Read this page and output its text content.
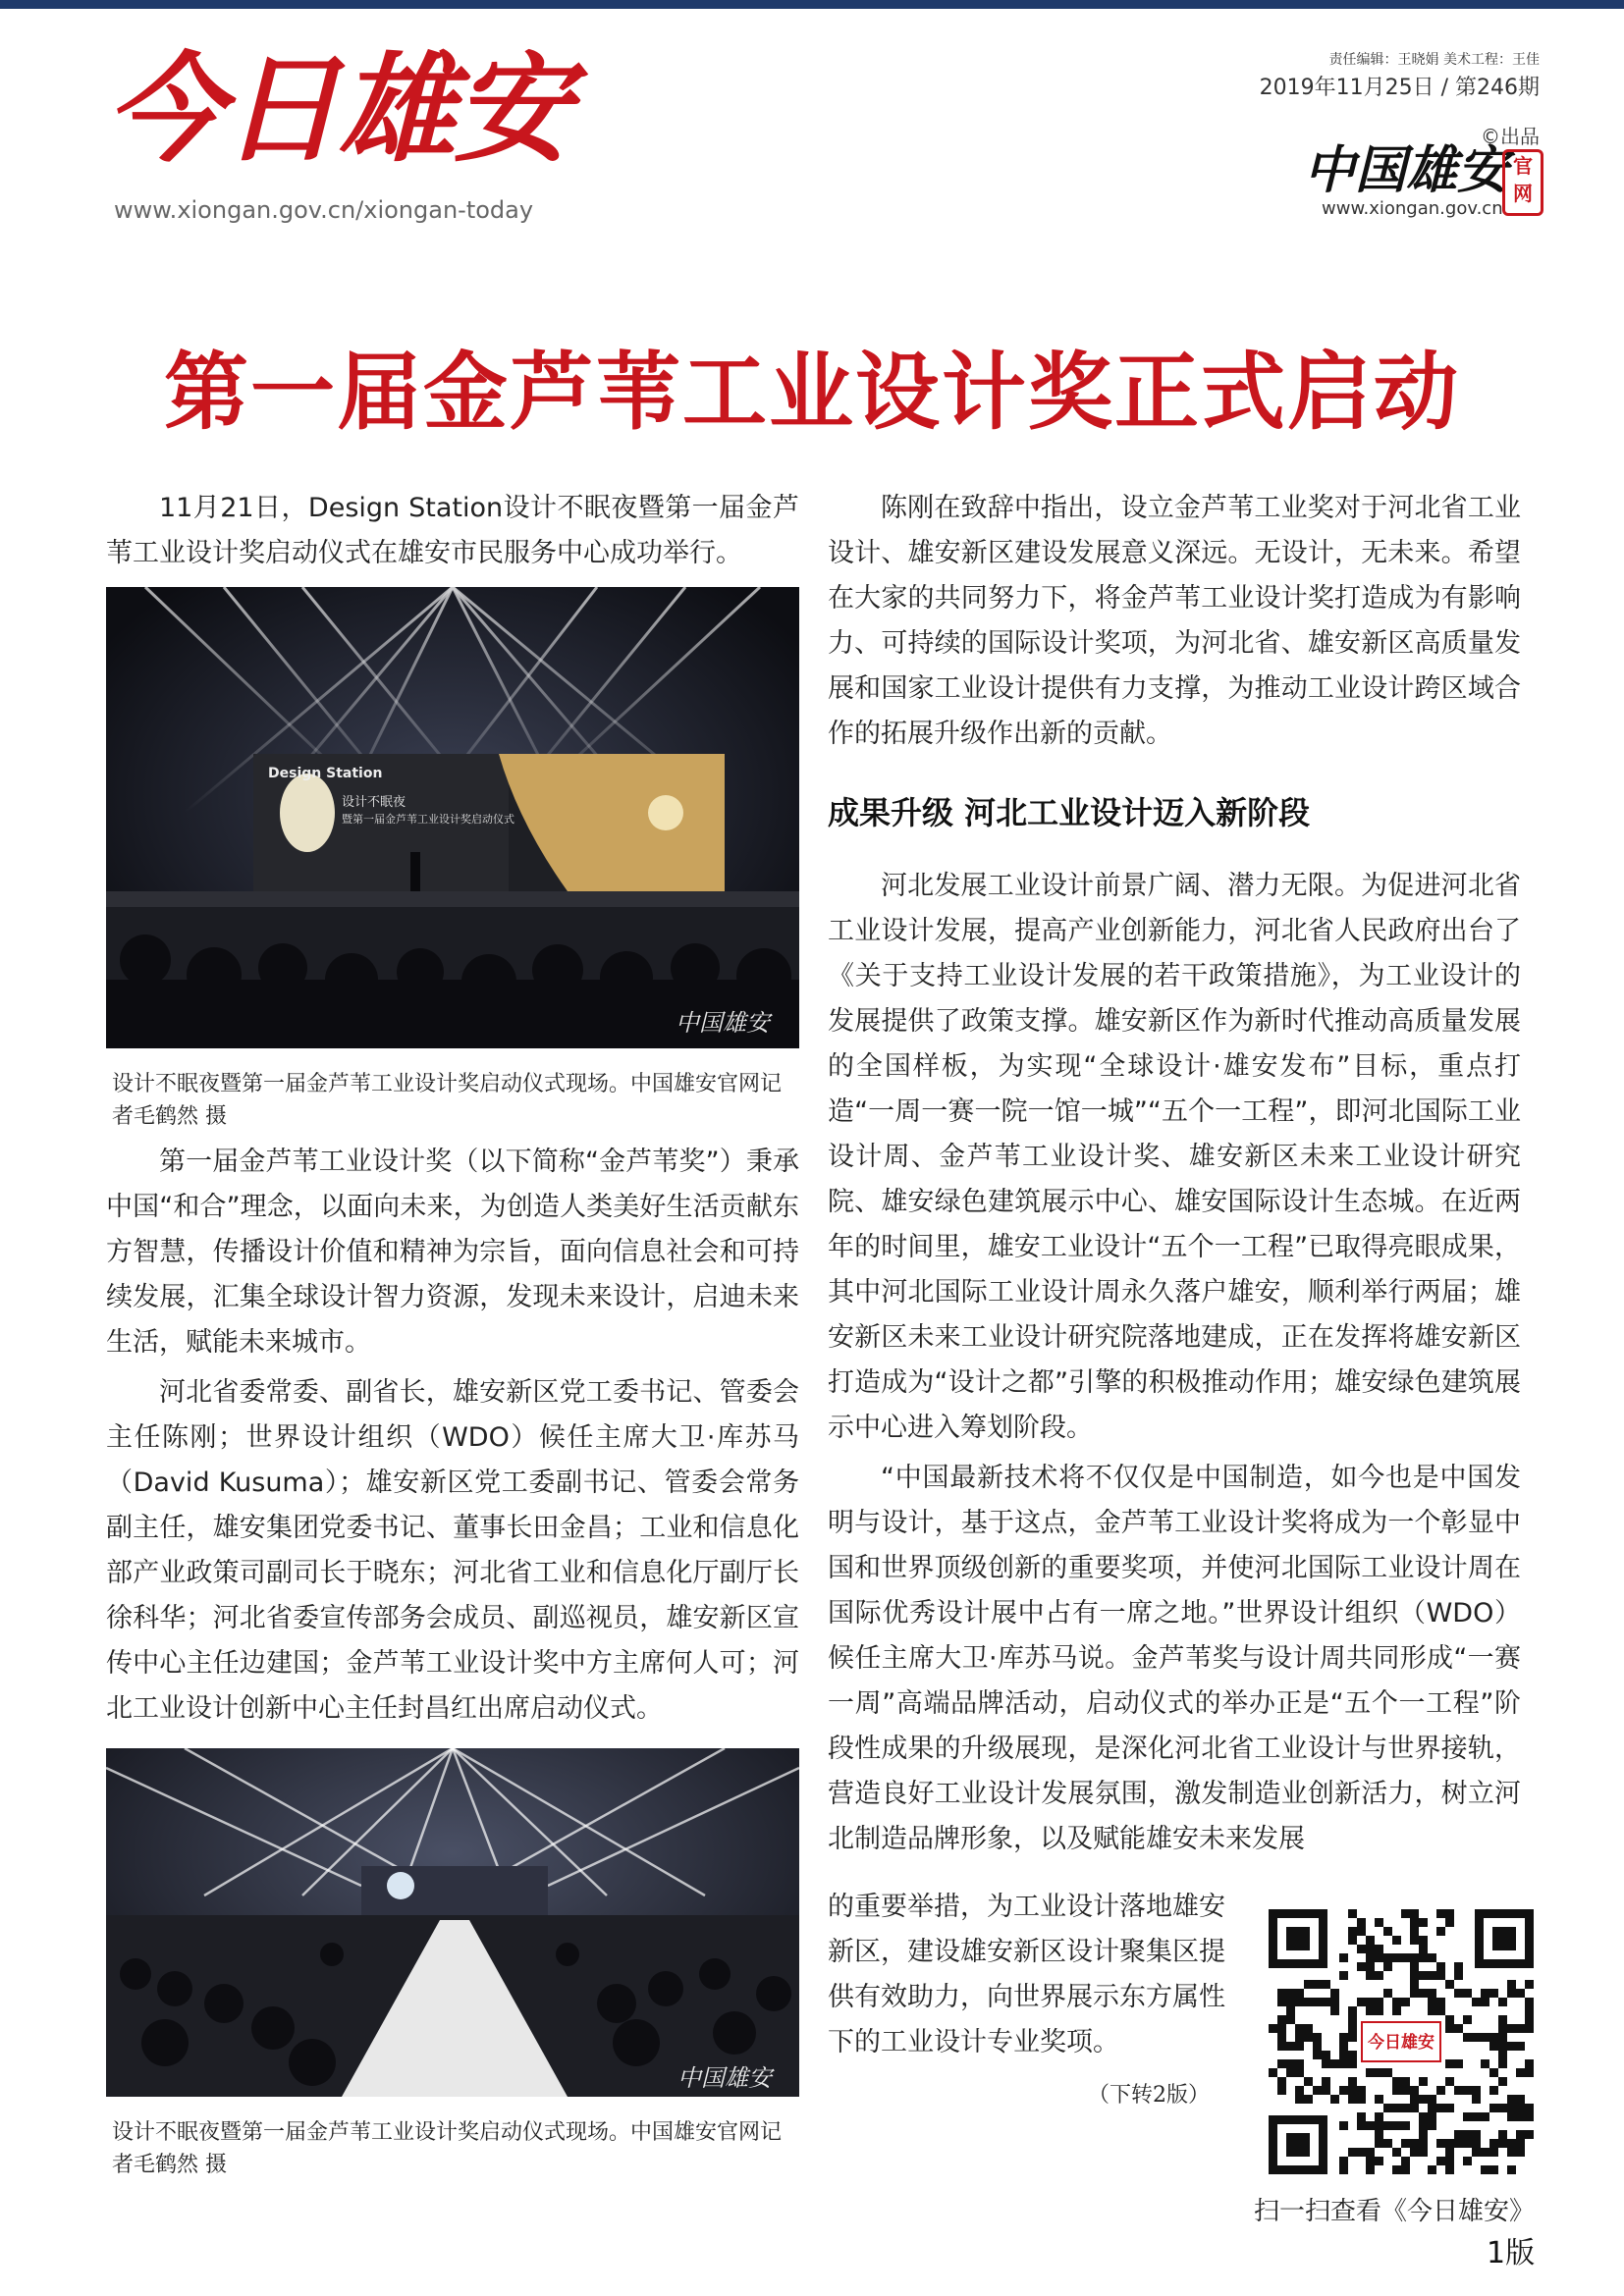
今日雄安
www.xiongan.gov.cn/xiongan-today
责任编辑：王晓娟 美术工程：王佳
2019年11月25日 / 第246期
©出品
中国雄安 官网
www.xiongan.gov.cn
第一届金芦苇工业设计奖正式启动

11月21日，Design Station设计不眠夜暨第一届金芦苇工业设计奖启动仪式在雄安市民服务中心成功举行。

Design Station
设计不眠夜
暨第一届金芦苇工业设计奖启动仪式
中国雄安
设计不眠夜暨第一届金芦苇工业设计奖启动仪式现场。中国雄安官网记者毛鹤然 摄

第一届金芦苇工业设计奖（以下简称“金芦苇奖”）秉承中国“和合”理念，以面向未来，为创造人类美好生活贡献东方智慧，传播设计价值和精神为宗旨，面向信息社会和可持续发展，汇集全球设计智力资源，发现未来设计，启迪未来生活，赋能未来城市。

河北省委常委、副省长，雄安新区党工委书记、管委会主任陈刚；世界设计组织（WDO）候任主席大卫·库苏马（David Kusuma）；雄安新区党工委副书记、管委会常务副主任，雄安集团党委书记、董事长田金昌；工业和信息化部产业政策司副司长于晓东；河北省工业和信息化厅副厅长徐科华；河北省委宣传部务会成员、副巡视员，雄安新区宣传中心主任边建国；金芦苇工业设计奖中方主席何人可；河北工业设计创新中心主任封昌红出席启动仪式。

中国雄安
设计不眠夜暨第一届金芦苇工业设计奖启动仪式现场。中国雄安官网记者毛鹤然 摄

陈刚在致辞中指出，设立金芦苇工业奖对于河北省工业设计、雄安新区建设发展意义深远。无设计，无未来。希望在大家的共同努力下，将金芦苇工业设计奖打造成为有影响力、可持续的国际设计奖项，为河北省、雄安新区高质量发展和国家工业设计提供有力支撑，为推动工业设计跨区域合作的拓展升级作出新的贡献。

成果升级 河北工业设计迈入新阶段

河北发展工业设计前景广阔、潜力无限。为促进河北省工业设计发展，提高产业创新能力，河北省人民政府出台了《关于支持工业设计发展的若干政策措施》，为工业设计的发展提供了政策支撑。雄安新区作为新时代推动高质量发展的全国样板，为实现“全球设计·雄安发布”目标，重点打造“一周一赛一院一馆一城”“五个一工程”，即河北国际工业设计周、金芦苇工业设计奖、雄安新区未来工业设计研究院、雄安绿色建筑展示中心、雄安国际设计生态城。在近两年的时间里，雄安工业设计“五个一工程”已取得亮眼成果，其中河北国际工业设计周永久落户雄安，顺利举行两届；雄安新区未来工业设计研究院落地建成，正在发挥将雄安新区打造成为“设计之都”引擎的积极推动作用；雄安绿色建筑展示中心进入筹划阶段。

“中国最新技术将不仅仅是中国制造，如今也是中国发明与设计，基于这点，金芦苇工业设计奖将成为一个彰显中国和世界顶级创新的重要奖项，并使河北国际工业设计周在国际优秀设计展中占有一席之地。”世界设计组织（WDO）候任主席大卫·库苏马说。金芦苇奖与设计周共同形成“一赛一周”高端品牌活动，启动仪式的举办正是“五个一工程”阶段性成果的升级展现，是深化河北省工业设计与世界接轨，营造良好工业设计发展氛围，激发制造业创新活力，树立河北制造品牌形象，以及赋能雄安未来发展

的重要举措，为工业设计落地雄安新区，建设雄安新区设计聚集区提供有效助力，向世界展示东方属性下的工业设计专业奖项。

（下转2版）
今日雄安
扫一扫查看《今日雄安》
1版
